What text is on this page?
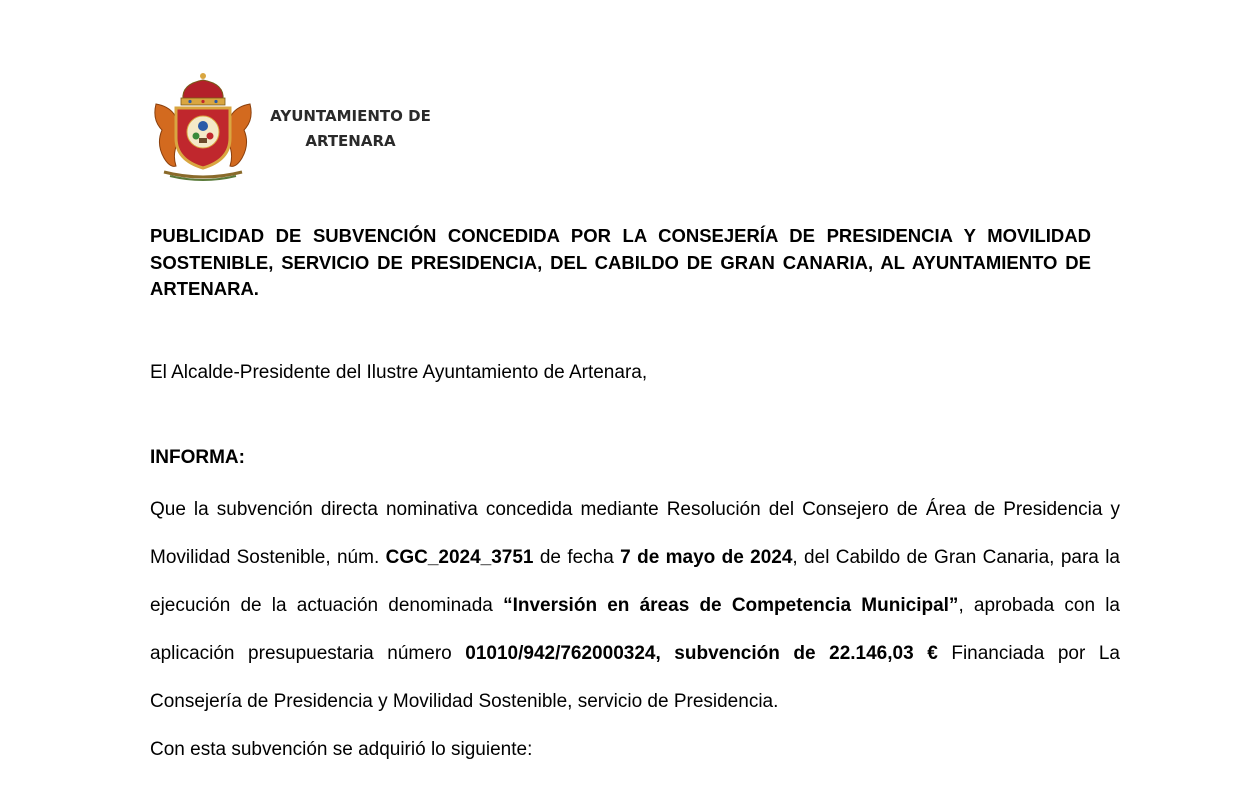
AYUNTAMIENTO DE
ARTENARA

PUBLICIDAD DE SUBVENCIÓN CONCEDIDA POR LA CONSEJERÍA DE PRESIDENCIA Y MOVILIDAD SOSTENIBLE, SERVICIO DE PRESIDENCIA, DEL CABILDO DE GRAN CANARIA, AL AYUNTAMIENTO DE ARTENARA.

El Alcalde-Presidente del Ilustre Ayuntamiento de Artenara,

INFORMA:

Que la subvención directa nominativa concedida mediante Resolución del Consejero de Área de Presidencia y Movilidad Sostenible, núm. CGC_2024_3751 de fecha 7 de mayo de 2024, del Cabildo de Gran Canaria, para la ejecución de la actuación denominada “Inversión en áreas de Competencia Municipal”, aprobada con la aplicación presupuestaria número 01010/942/762000324, subvención de 22.146,03 € Financiada por La Consejería de Presidencia y Movilidad Sostenible, servicio de Presidencia.

Con esta subvención se adquirió lo siguiente:
